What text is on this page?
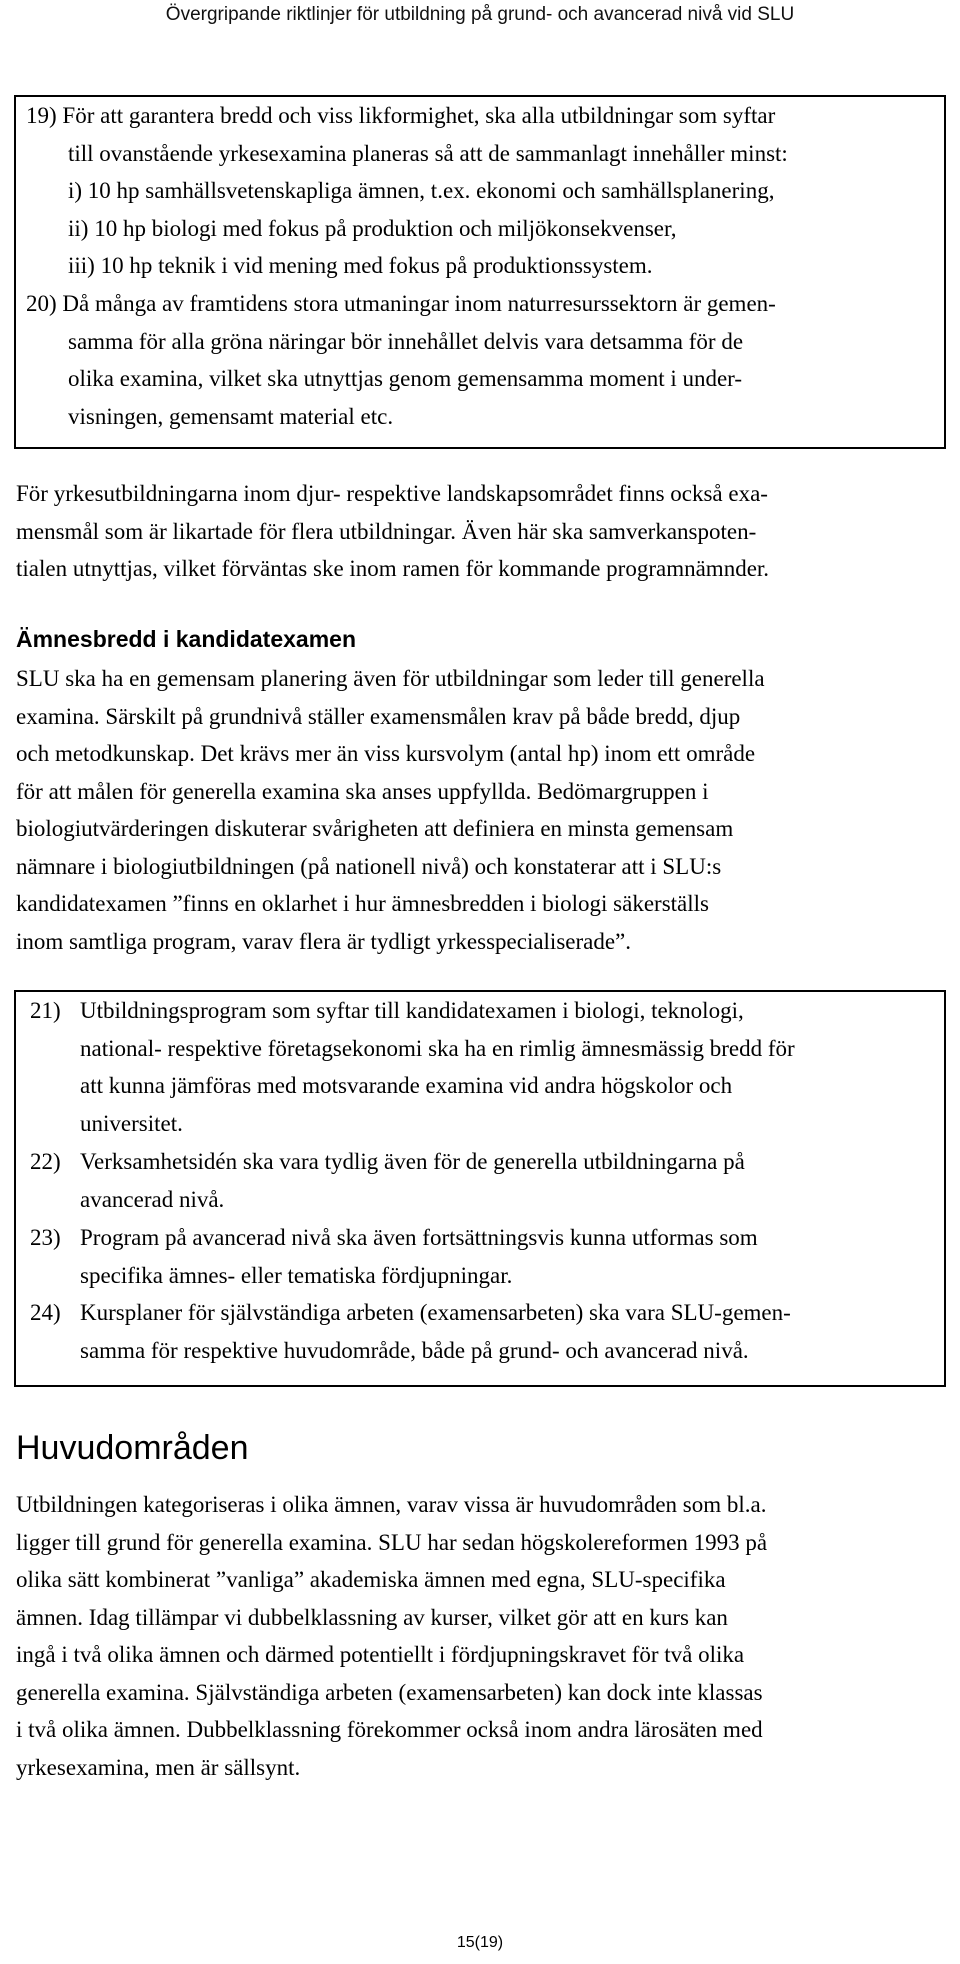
Övergripande riktlinjer för utbildning på grund- och avancerad nivå vid SLU
19) För att garantera bredd och viss likformighet, ska alla utbildningar som syftar
till ovanstående yrkesexamina planeras så att de sammanlagt innehåller minst:
i) 10 hp samhällsvetenskapliga ämnen, t.ex. ekonomi och samhällsplanering,
ii) 10 hp biologi med fokus på produktion och miljökonsekvenser,
iii) 10 hp teknik i vid mening med fokus på produktionssystem.
20) Då många av framtidens stora utmaningar inom naturresurssektorn är gemen-
samma för alla gröna näringar bör innehållet delvis vara detsamma för de
olika examina, vilket ska utnyttjas genom gemensamma moment i under-
visningen, gemensamt material etc.
För yrkesutbildningarna inom djur- respektive landskapsområdet finns också exa-
mensmål som är likartade för flera utbildningar. Även här ska samverkanspoten-
tialen utnyttjas, vilket förväntas ske inom ramen för kommande programnämnder.
Ämnesbredd i kandidatexamen
SLU ska ha en gemensam planering även för utbildningar som leder till generella
examina. Särskilt på grundnivå ställer examensmålen krav på både bredd, djup
och metodkunskap. Det krävs mer än viss kursvolym (antal hp) inom ett område
för att målen för generella examina ska anses uppfyllda. Bedömargruppen i
biologiutvärderingen diskuterar svårigheten att definiera en minsta gemensam
nämnare i biologiutbildningen (på nationell nivå) och konstaterar att i SLU:s
kandidatexamen ”finns en oklarhet i hur ämnesbredden i biologi säkerställs
inom samtliga program, varav flera är tydligt yrkesspecialiserade”.
21) Utbildningsprogram som syftar till kandidatexamen i biologi, teknologi,
national- respektive företagsekonomi ska ha en rimlig ämnesmässig bredd för
att kunna jämföras med motsvarande examina vid andra högskolor och
universitet.
22) Verksamhetsidén ska vara tydlig även för de generella utbildningarna på
avancerad nivå.
23) Program på avancerad nivå ska även fortsättningsvis kunna utformas som
specifika ämnes- eller tematiska fördjupningar.
24) Kursplaner för självständiga arbeten (examensarbeten) ska vara SLU-gemen-
samma för respektive huvudområde, både på grund- och avancerad nivå.
Huvudområden
Utbildningen kategoriseras i olika ämnen, varav vissa är huvudområden som bl.a.
ligger till grund för generella examina. SLU har sedan högskolereformen 1993 på
olika sätt kombinerat ”vanliga” akademiska ämnen med egna, SLU-specifika
ämnen. Idag tillämpar vi dubbelklassning av kurser, vilket gör att en kurs kan
ingå i två olika ämnen och därmed potentiellt i fördjupningskravet för två olika
generella examina. Självständiga arbeten (examensarbeten) kan dock inte klassas
i två olika ämnen. Dubbelklassning förekommer också inom andra lärosäten med
yrkesexamina, men är sällsynt.
15(19)
